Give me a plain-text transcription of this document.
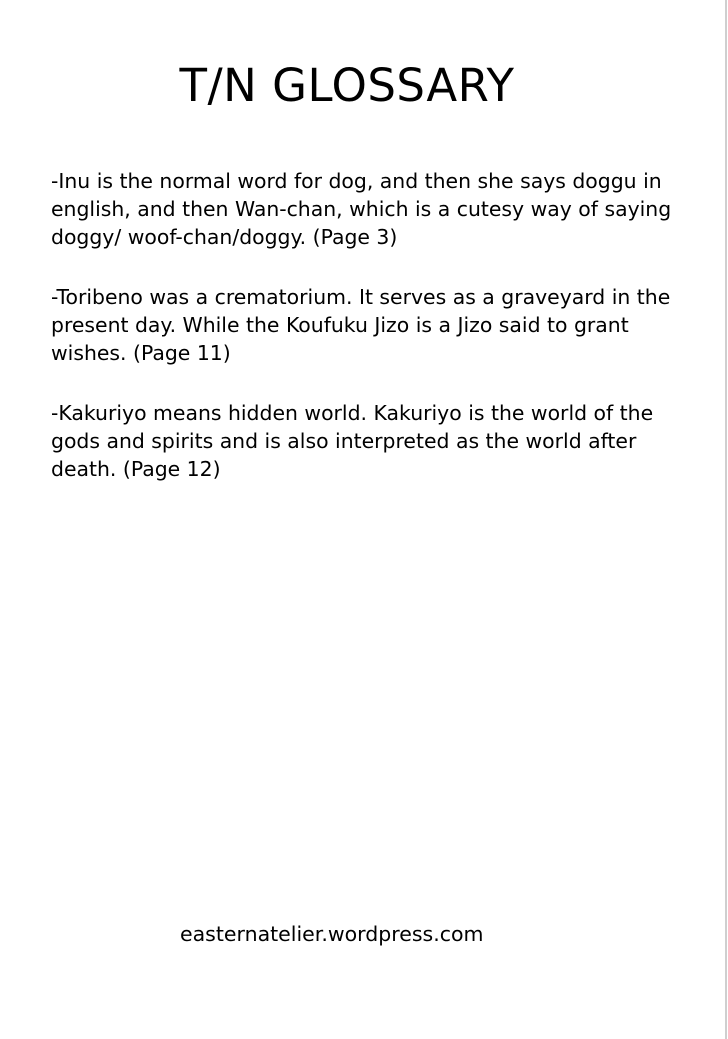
T/N GLOSSARY

-Inu is the normal word for dog, and then she says doggu in english, and then Wan-chan, which is a cutesy way of saying doggy/ woof-chan/doggy. (Page 3)

-Toribeno was a crematorium. It serves as a graveyard in the present day. While the Koufuku Jizo is a Jizo said to grant wishes. (Page 11)

-Kakuriyo means hidden world. Kakuriyo is the world of the gods and spirits and is also interpreted as the world after death. (Page 12)

easternatelier.wordpress.com
